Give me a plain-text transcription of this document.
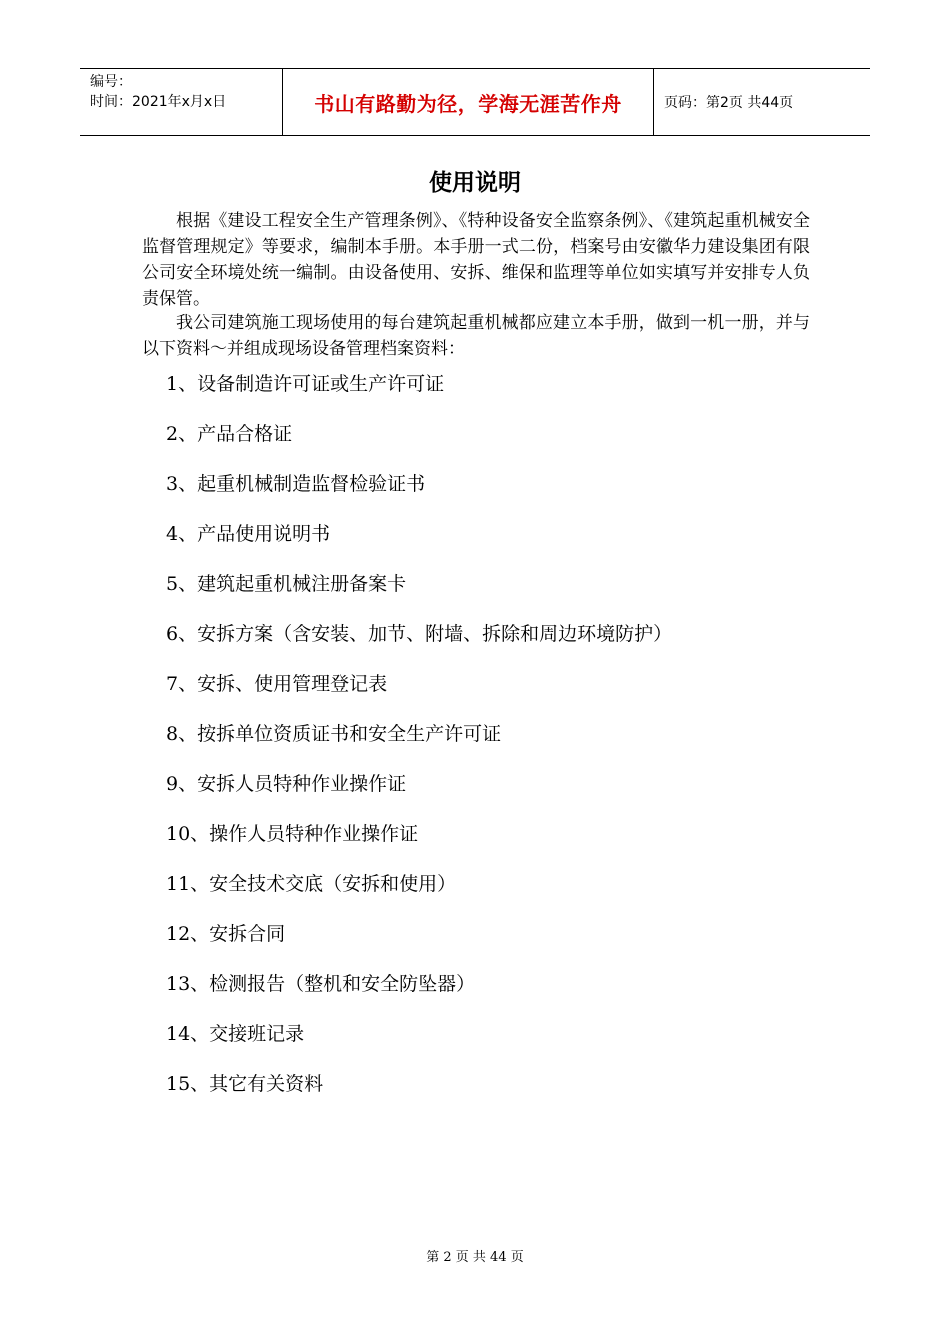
编号：
时间：2021年x月x日	书山有路勤为径，学海无涯苦作舟	页码：第2页 共44页
使用说明

根据《建设工程安全生产管理条例》、《特种设备安全监察条例》、《建筑起重机械安全监督管理规定》等要求，编制本手册。本手册一式二份，档案号由安徽华力建设集团有限公司安全环境处统一编制。由设备使用、安拆、维保和监理等单位如实填写并安排专人负责保管。

我公司建筑施工现场使用的每台建筑起重机械都应建立本手册，做到一机一册，并与以下资料～并组成现场设备管理档案资料：

1、设备制造许可证或生产许可证
2、产品合格证
3、起重机械制造监督检验证书
4、产品使用说明书
5、建筑起重机械注册备案卡
6、安拆方案（含安装、加节、附墙、拆除和周边环境防护）
7、安拆、使用管理登记表
8、按拆单位资质证书和安全生产许可证
9、安拆人员特种作业操作证
10、操作人员特种作业操作证
11、安全技术交底（安拆和使用）
12、安拆合同
13、检测报告（整机和安全防坠器）
14、交接班记录
15、其它有关资料
第 2 页 共 44 页
